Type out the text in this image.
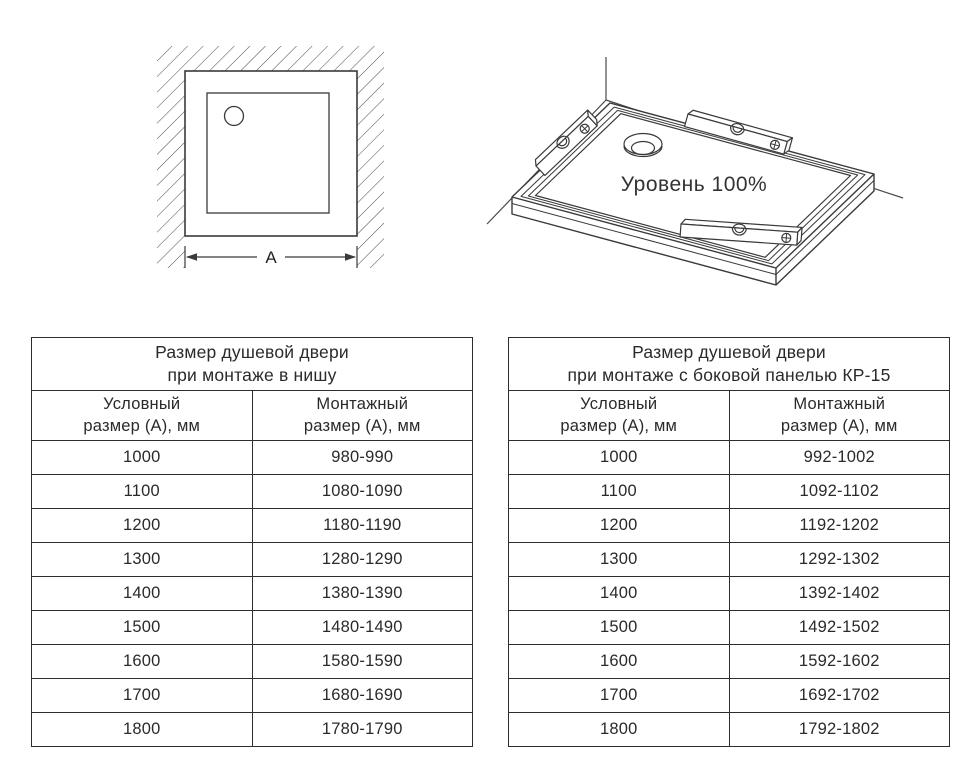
A
Уровень 100%
Размер душевой двери
при монтаже в нишу	

Условный
размер (А), мм

Монтажный
размер (А), мм

1000	980-990
1100	1080-1090
1200	1180-1190
1300	1280-1290
1400	1380-1390
1500	1480-1490
1600	1580-1590
1700	1680-1690
1800	1780-1790
Размер душевой двери
при монтаже с боковой панелью КР-15	

Условный
размер (А), мм

Монтажный
размер (А), мм

1000	992-1002
1100	1092-1102
1200	1192-1202
1300	1292-1302
1400	1392-1402
1500	1492-1502
1600	1592-1602
1700	1692-1702
1800	1792-1802
